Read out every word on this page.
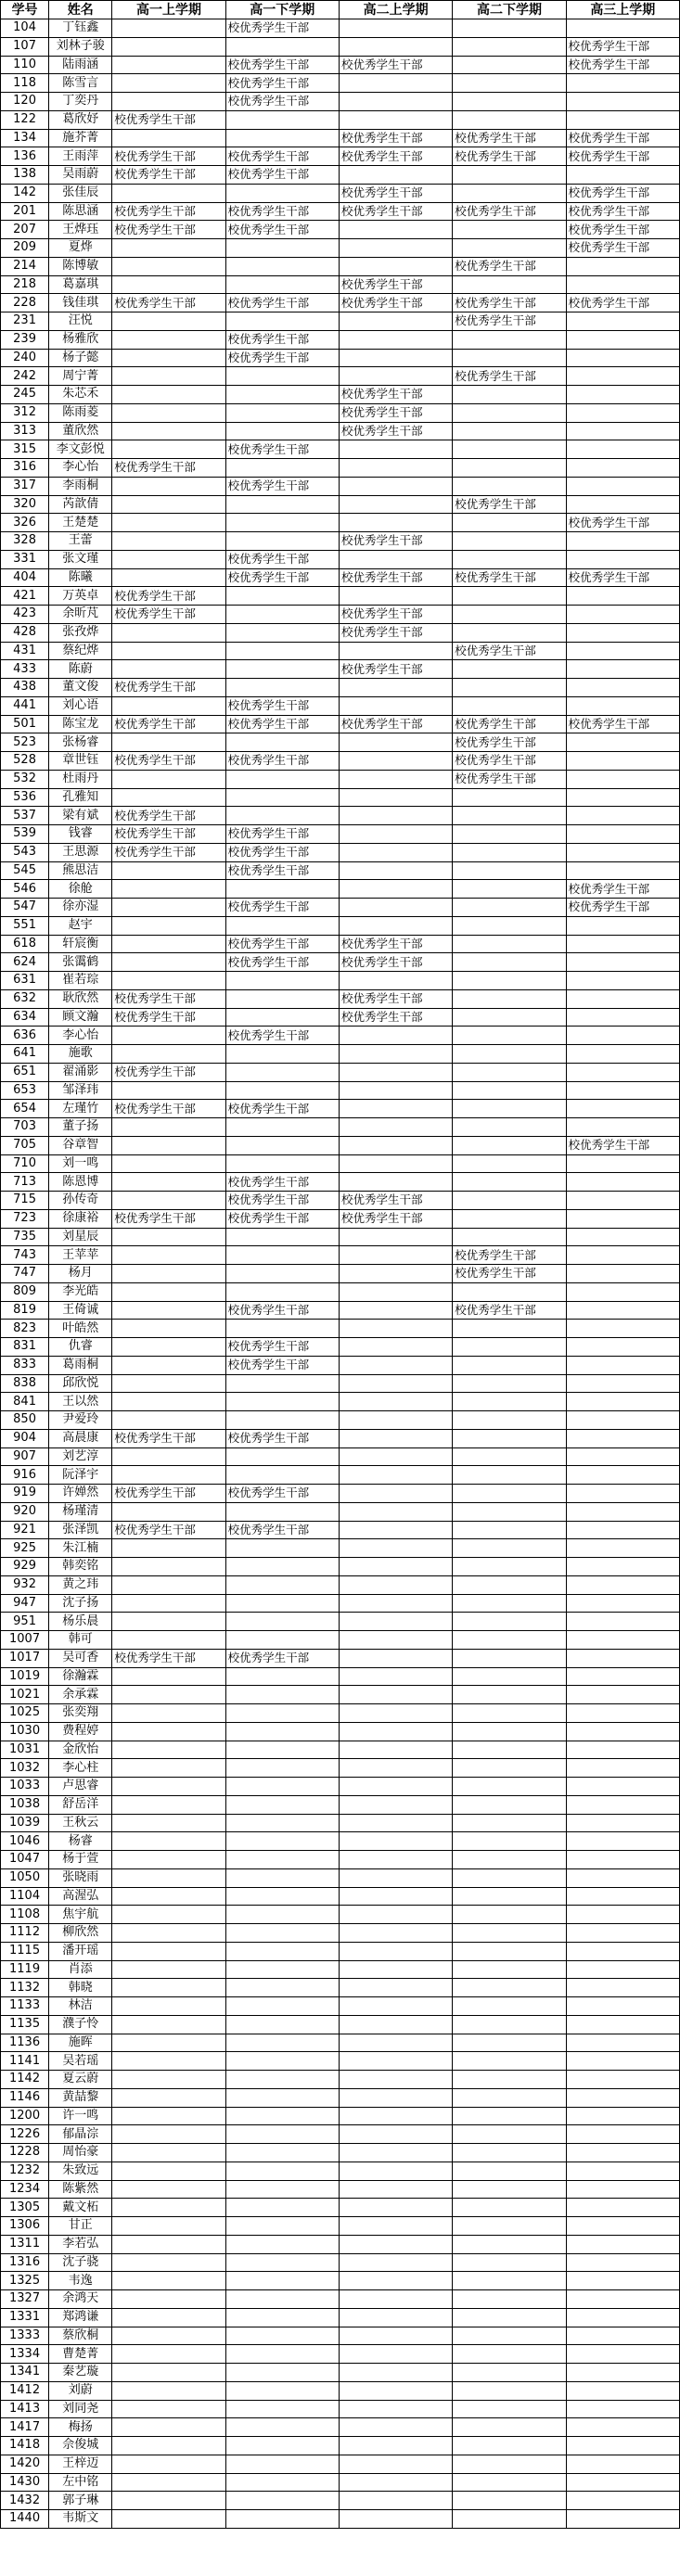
学号	姓名	高一上学期	高一下学期	高二上学期	高二下学期	高三上学期
104	丁钰鑫		校优秀学生干部			
107	刘林子骏					校优秀学生干部
110	陆雨涵		校优秀学生干部	校优秀学生干部		校优秀学生干部
118	陈雪言		校优秀学生干部			
120	丁奕丹		校优秀学生干部			
122	葛欣妤	校优秀学生干部				
134	施芥菁			校优秀学生干部	校优秀学生干部	校优秀学生干部
136	王雨萍	校优秀学生干部	校优秀学生干部	校优秀学生干部	校优秀学生干部	校优秀学生干部
138	吴雨蔚	校优秀学生干部	校优秀学生干部			
142	张佳辰			校优秀学生干部		校优秀学生干部
201	陈思涵	校优秀学生干部	校优秀学生干部	校优秀学生干部	校优秀学生干部	校优秀学生干部
207	王烨珏	校优秀学生干部	校优秀学生干部			校优秀学生干部
209	夏烨					校优秀学生干部
214	陈博敏				校优秀学生干部	
218	葛嘉琪			校优秀学生干部		
228	钱佳琪	校优秀学生干部	校优秀学生干部	校优秀学生干部	校优秀学生干部	校优秀学生干部
231	汪悦				校优秀学生干部	
239	杨雅欣		校优秀学生干部			
240	杨子懿		校优秀学生干部			
242	周宁菁				校优秀学生干部	
245	朱芯禾			校优秀学生干部		
312	陈雨菱			校优秀学生干部		
313	董欣然			校优秀学生干部		
315	李文彭悦		校优秀学生干部			
316	李心怡	校优秀学生干部				
317	李雨桐		校优秀学生干部			
320	芮歆倩				校优秀学生干部	
326	王楚楚					校优秀学生干部
328	王蕾			校优秀学生干部		
331	张文瑾		校优秀学生干部			
404	陈曦		校优秀学生干部	校优秀学生干部	校优秀学生干部	校优秀学生干部
421	万英卓	校优秀学生干部				
423	余昕芃	校优秀学生干部		校优秀学生干部		
428	张孜烨			校优秀学生干部		
431	蔡纪烨				校优秀学生干部	
433	陈蔚			校优秀学生干部		
438	董文俊	校优秀学生干部				
441	刘心语		校优秀学生干部			
501	陈宝龙	校优秀学生干部	校优秀学生干部	校优秀学生干部	校优秀学生干部	校优秀学生干部
523	张杨睿				校优秀学生干部	
528	章世钰	校优秀学生干部	校优秀学生干部		校优秀学生干部	
532	杜雨丹				校优秀学生干部	
536	孔雅知					
537	梁有斌	校优秀学生干部				
539	钱睿	校优秀学生干部	校优秀学生干部			
543	王思源	校优秀学生干部	校优秀学生干部			
545	熊思洁		校优秀学生干部			
546	徐舱					校优秀学生干部
547	徐亦湿		校优秀学生干部			校优秀学生干部
551	赵宇					
618	轩宸衡		校优秀学生干部	校优秀学生干部		
624	张霭鹤		校优秀学生干部	校优秀学生干部		
631	崔若琮					
632	耿欣然	校优秀学生干部		校优秀学生干部		
634	顾文瀚	校优秀学生干部		校优秀学生干部		
636	李心怡		校优秀学生干部			
641	施歌					
651	翟涌影	校优秀学生干部				
653	邹泽玮					
654	左瑾竹	校优秀学生干部	校优秀学生干部			
703	董子扬					
705	谷章智					校优秀学生干部
710	刘一鸣					
713	陈恩博		校优秀学生干部			
715	孙传奇		校优秀学生干部	校优秀学生干部		
723	徐康裕	校优秀学生干部	校优秀学生干部	校优秀学生干部		
735	刘星辰					
743	王苹苹				校优秀学生干部	
747	杨月				校优秀学生干部	
809	李光皓					
819	王倚诚		校优秀学生干部		校优秀学生干部	
823	叶皓然					
831	仇睿		校优秀学生干部			
833	葛雨桐		校优秀学生干部			
838	邱欣悦					
841	王以然					
850	尹爱玲					
904	高晨康	校优秀学生干部	校优秀学生干部			
907	刘艺淳					
916	阮泽宇					
919	许婵然	校优秀学生干部	校优秀学生干部			
920	杨瑾清					
921	张泽凯	校优秀学生干部	校优秀学生干部			
925	朱江楠					
929	韩奕铭					
932	黄之玮					
947	沈子扬					
951	杨乐晨					
1007	韩可					
1017	吴可香	校优秀学生干部	校优秀学生干部			
1019	徐瀚霖					
1021	余承霖					
1025	张奕翔					
1030	费程婷					
1031	金欣怡					
1032	李心柱					
1033	卢思睿					
1038	舒岳洋					
1039	王秋云					
1046	杨睿					
1047	杨于萱					
1050	张晓雨					
1104	高渥弘					
1108	焦宇航					
1112	柳欣然					
1115	潘开瑶					
1119	肖添					
1132	韩晓					
1133	林洁					
1135	濮子怜					
1136	施晖					
1141	吴若瑶					
1142	夏云蔚					
1146	黄喆黎					
1200	许一鸣					
1226	郁晶淙					
1228	周怡豪					
1232	朱致远					
1234	陈紫然					
1305	戴文柘					
1306	甘正					
1311	李若弘					
1316	沈子骁					
1325	韦逸					
1327	余鸿天					
1331	郑鸿谦					
1333	蔡欣桐					
1334	曹楚菁					
1341	秦艺璇					
1412	刘蔚					
1413	刘同尧					
1417	梅扬					
1418	佘俊城					
1420	王梓迈					
1430	左中铭					
1432	郭子琳					
1440	韦斯文					
